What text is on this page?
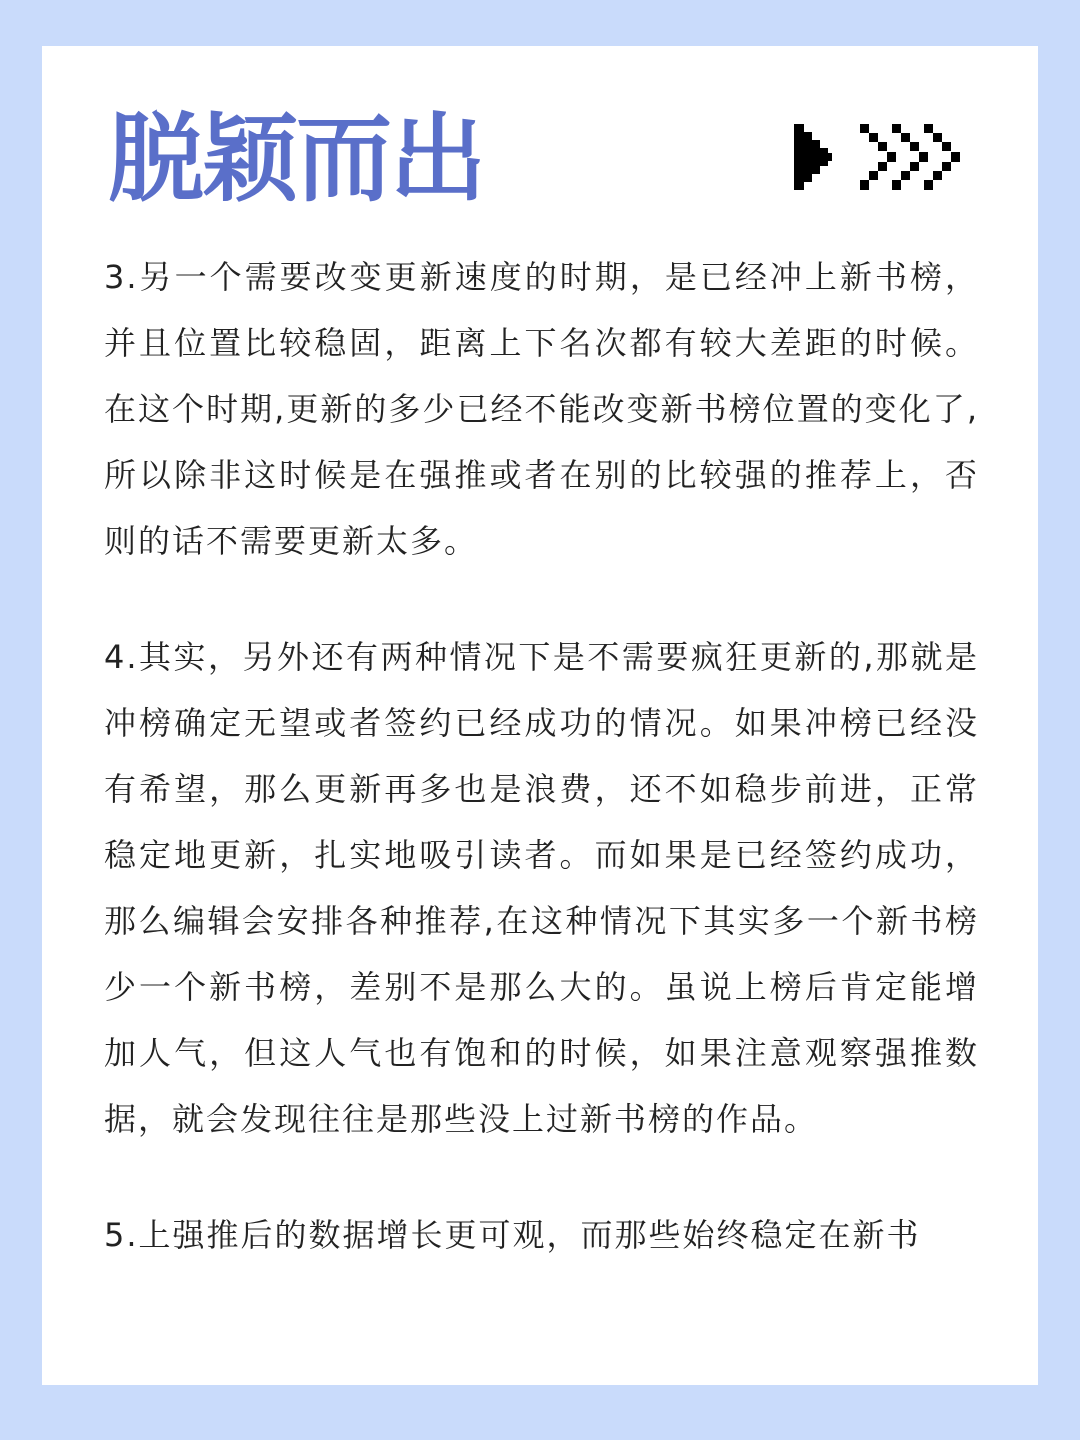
脱颖而出

3.另一个需要改变更新速度的时期，是已经冲上新书榜，并且位置比较稳固，距离上下名次都有较大差距的时候。在这个时期,更新的多少已经不能改变新书榜位置的变化了,所以除非这时候是在强推或者在别的比较强的推荐上，否则的话不需要更新太多。

4.其实，另外还有两种情况下是不需要疯狂更新的,那就是冲榜确定无望或者签约已经成功的情况。如果冲榜已经没有希望，那么更新再多也是浪费，还不如稳步前进，正常稳定地更新，扎实地吸引读者。而如果是已经签约成功，那么编辑会安排各种推荐,在这种情况下其实多一个新书榜少一个新书榜，差别不是那么大的。虽说上榜后肯定能增加人气，但这人气也有饱和的时候，如果注意观察强推数据，就会发现往往是那些没上过新书榜的作品。

5.上强推后的数据增长更可观，而那些始终稳定在新书
